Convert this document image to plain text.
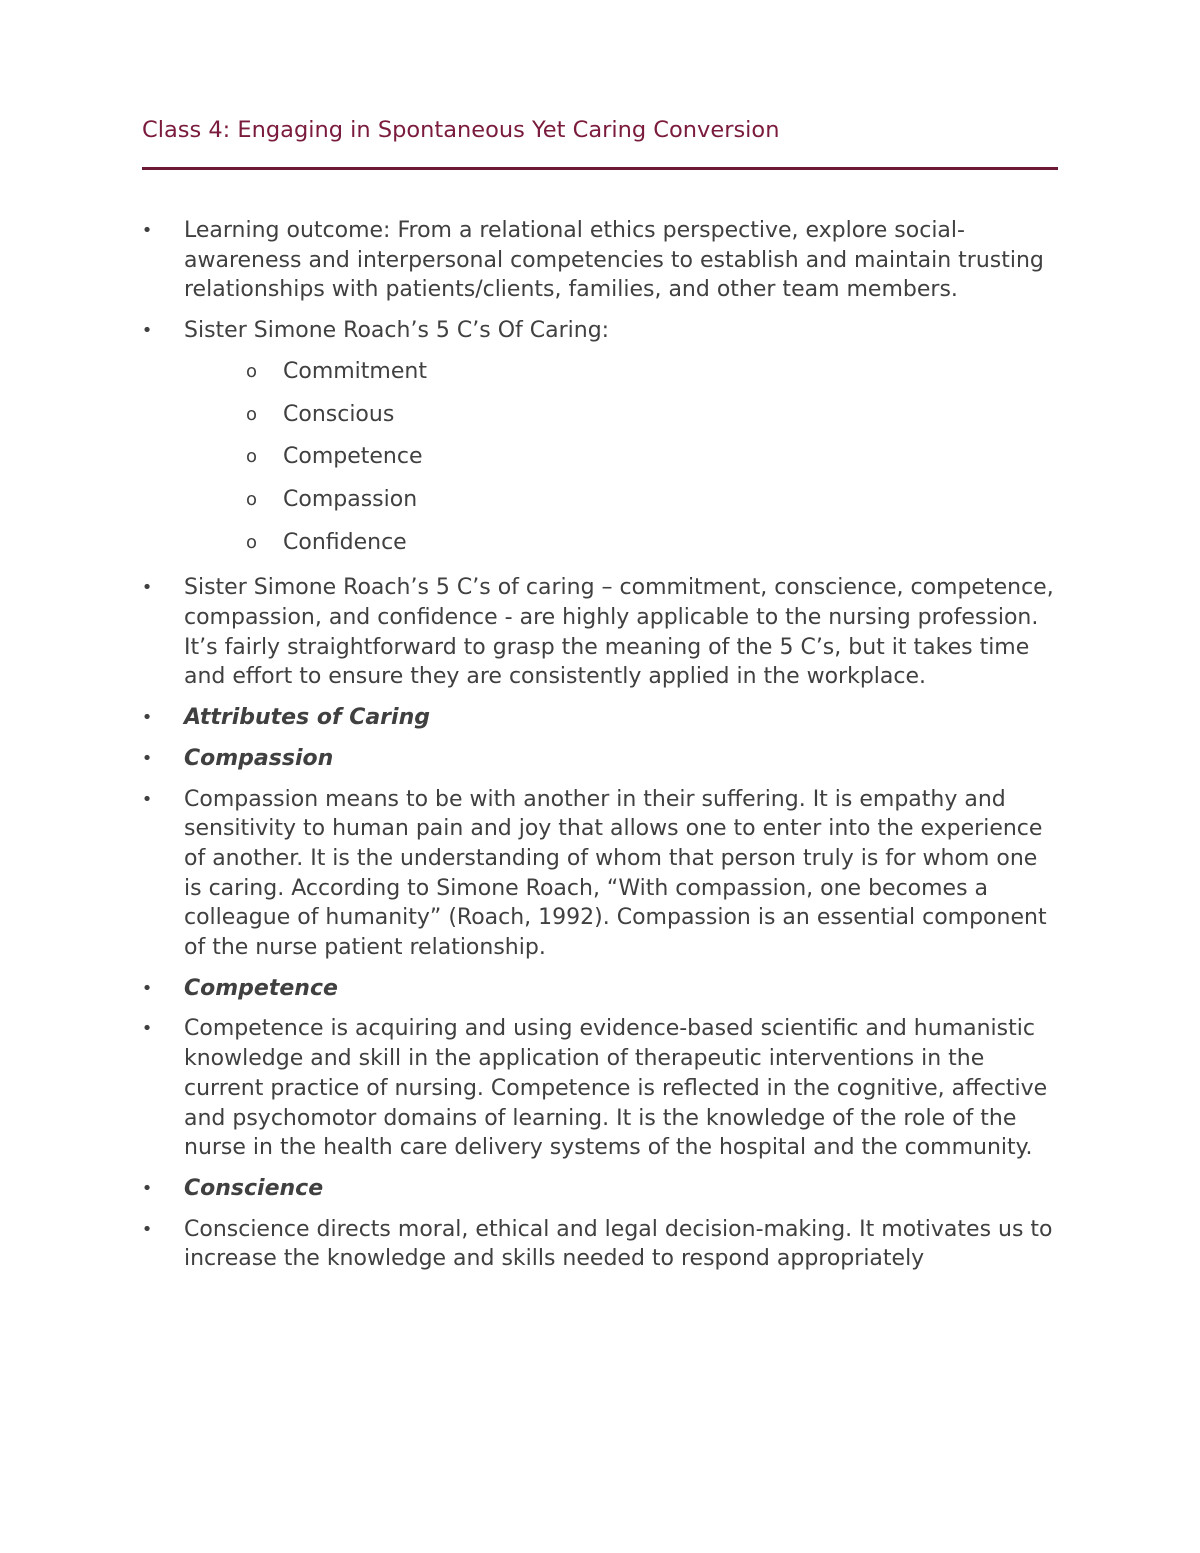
Class 4: Engaging in Spontaneous Yet Caring Conversion
• Learning outcome: From a relational ethics perspective, explore social-awareness and interpersonal competencies to establish and maintain trusting relationships with patients/clients, families, and other team members.
• Sister Simone Roach’s 5 C’s Of Caring:
o Commitment
o Conscious
o Competence
o Compassion
o Confidence
• Sister Simone Roach’s 5 C’s of caring – commitment, conscience, competence, compassion, and confidence - are highly applicable to the nursing profession. It’s fairly straightforward to grasp the meaning of the 5 C’s, but it takes time and effort to ensure they are consistently applied in the workplace.
• Attributes of Caring
• Compassion
• Compassion means to be with another in their suffering. It is empathy and sensitivity to human pain and joy that allows one to enter into the experience of another. It is the understanding of whom that person truly is for whom one is caring. According to Simone Roach, “With compassion, one becomes a colleague of humanity” (Roach, 1992). Compassion is an essential component of the nurse patient relationship.
• Competence
• Competence is acquiring and using evidence-based scientific and humanistic knowledge and skill in the application of therapeutic interventions in the current practice of nursing. Competence is reflected in the cognitive, affective and psychomotor domains of learning. It is the knowledge of the role of the nurse in the health care delivery systems of the hospital and the community.
• Conscience
• Conscience directs moral, ethical and legal decision-making. It motivates us to increase the knowledge and skills needed to respond appropriately
